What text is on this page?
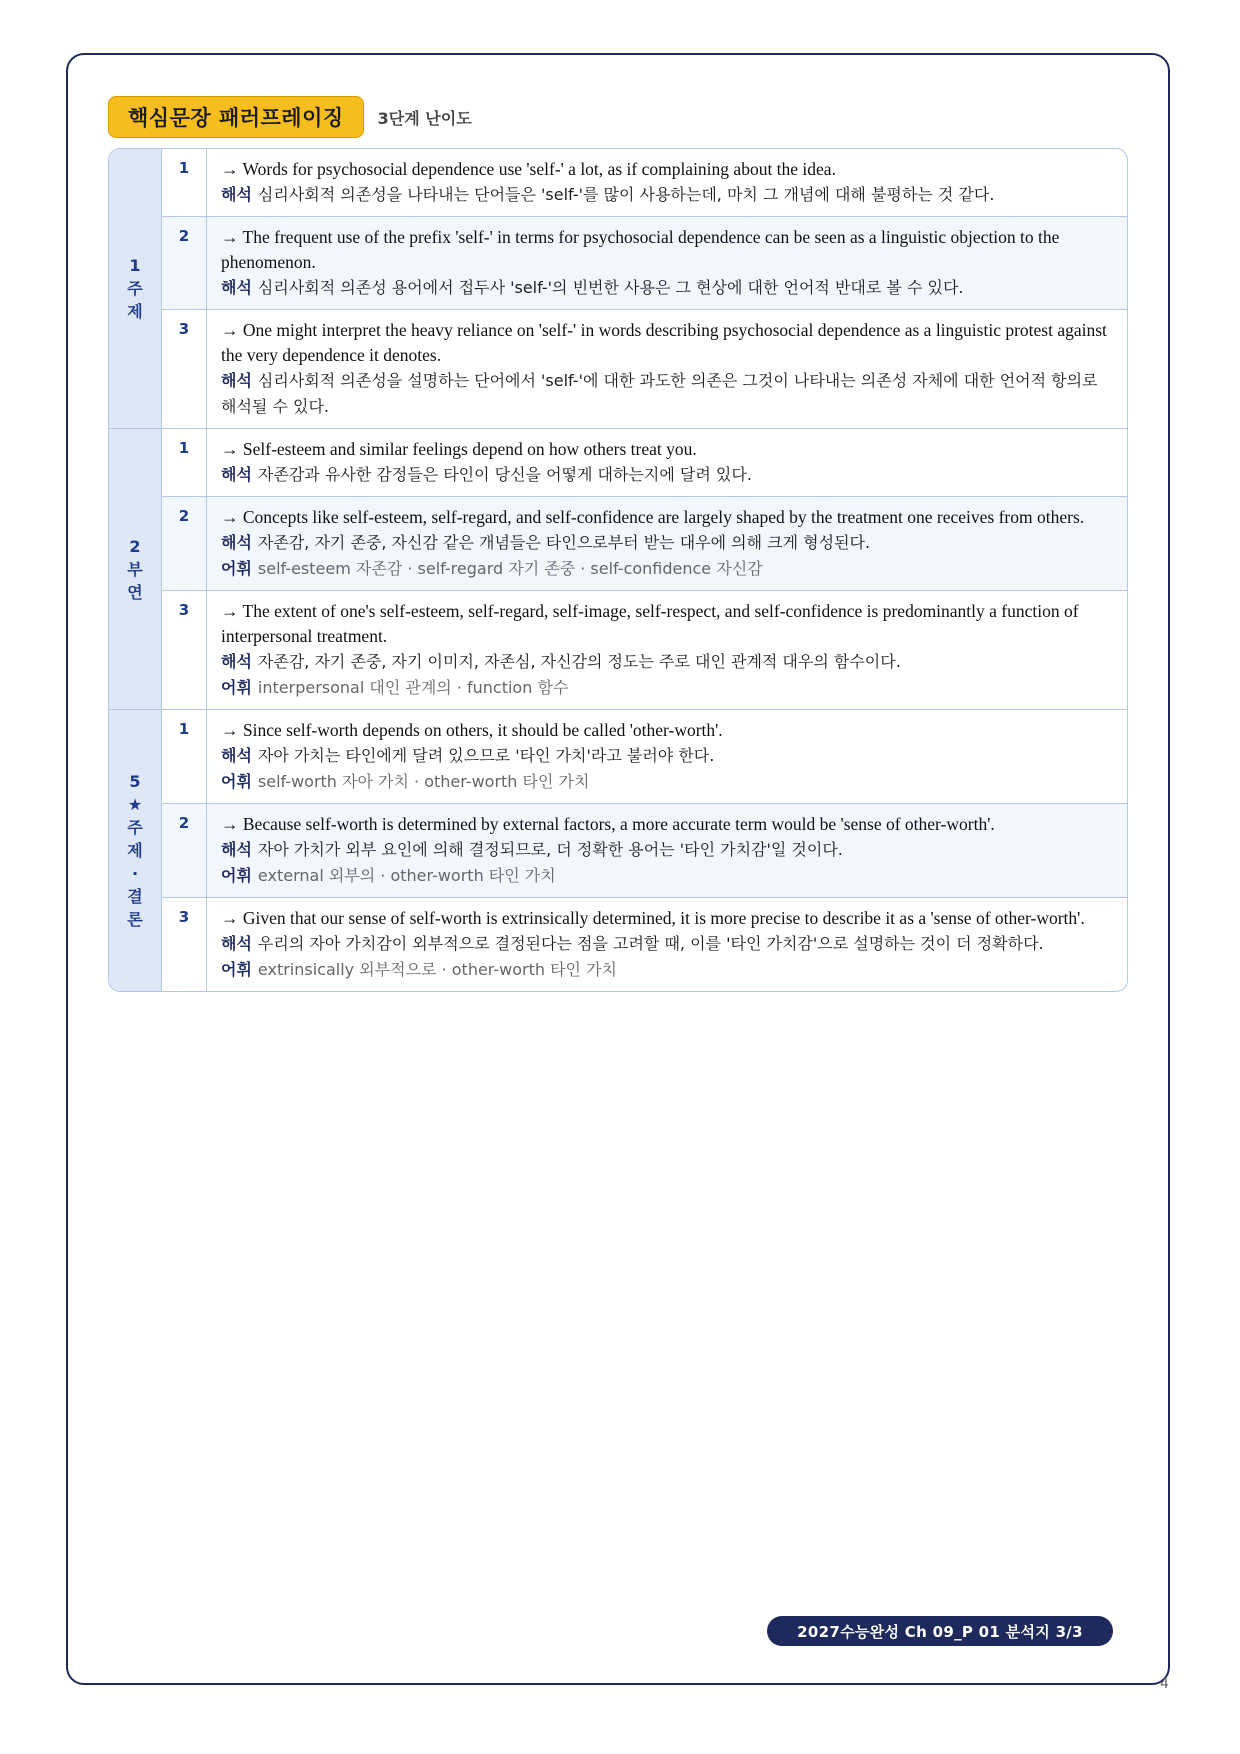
핵심문장 패러프레이징	3단계 난이도
1주제
1	→ Words for psychosocial dependence use 'self-' a lot, as if complaining about the idea.
해석 심리사회적 의존성을 나타내는 단어들은 'self-'를 많이 사용하는데, 마치 그 개념에 대해 불평하는 것 같다.
2	→ The frequent use of the prefix 'self-' in terms for psychosocial dependence can be seen as a linguistic objection to the phenomenon.
해석 심리사회적 의존성 용어에서 접두사 'self-'의 빈번한 사용은 그 현상에 대한 언어적 반대로 볼 수 있다.
3	→ One might interpret the heavy reliance on 'self-' in words describing psychosocial dependence as a linguistic protest against the very dependence it denotes.
해석 심리사회적 의존성을 설명하는 단어에서 'self-'에 대한 과도한 의존은 그것이 나타내는 의존성 자체에 대한 언어적 항의로 해석될 수 있다.
2부연
1	→ Self-esteem and similar feelings depend on how others treat you.
해석 자존감과 유사한 감정들은 타인이 당신을 어떻게 대하는지에 달려 있다.
2	→ Concepts like self-esteem, self-regard, and self-confidence are largely shaped by the treatment one receives from others.
해석 자존감, 자기 존중, 자신감 같은 개념들은 타인으로부터 받는 대우에 의해 크게 형성된다.
어휘 self-esteem 자존감 · self-regard 자기 존중 · self-confidence 자신감
3	→ The extent of one's self-esteem, self-regard, self-image, self-respect, and self-confidence is predominantly a function of interpersonal treatment.
해석 자존감, 자기 존중, 자기 이미지, 자존심, 자신감의 정도는 주로 대인 관계적 대우의 함수이다.
어휘 interpersonal 대인 관계의 · function 함수
5★주제·결론
1	→ Since self-worth depends on others, it should be called 'other-worth'.
해석 자아 가치는 타인에게 달려 있으므로 '타인 가치'라고 불러야 한다.
어휘 self-worth 자아 가치 · other-worth 타인 가치
2	→ Because self-worth is determined by external factors, a more accurate term would be 'sense of other-worth'.
해석 자아 가치가 외부 요인에 의해 결정되므로, 더 정확한 용어는 '타인 가치감'일 것이다.
어휘 external 외부의 · other-worth 타인 가치
3	→ Given that our sense of self-worth is extrinsically determined, it is more precise to describe it as a 'sense of other-worth'.
해석 우리의 자아 가치감이 외부적으로 결정된다는 점을 고려할 때, 이를 '타인 가치감'으로 설명하는 것이 더 정확하다.
어휘 extrinsically 외부적으로 · other-worth 타인 가치
2027수능완성 Ch 09_P 01 분석지 3/3
4
